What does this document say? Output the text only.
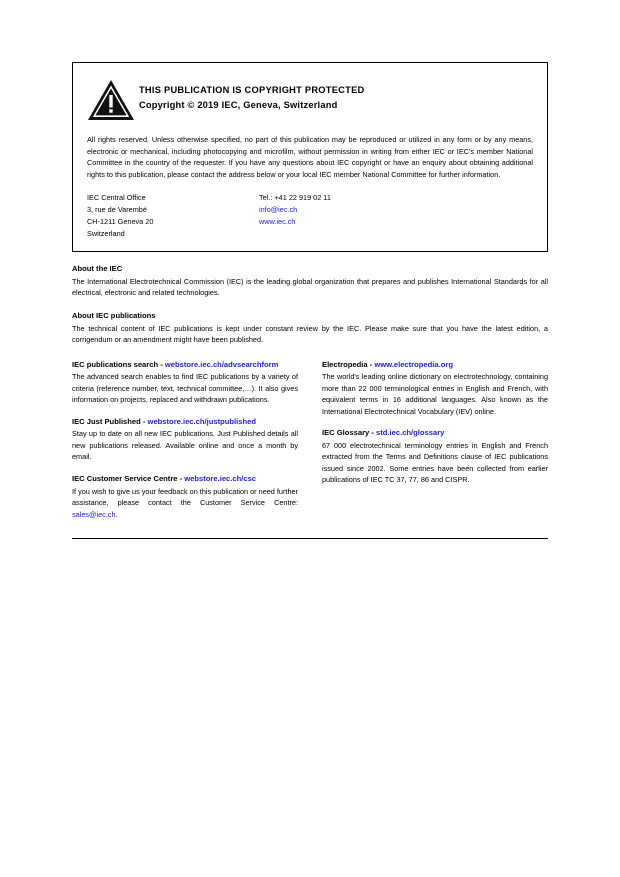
THIS PUBLICATION IS COPYRIGHT PROTECTED
Copyright © 2019 IEC, Geneva, Switzerland
All rights reserved. Unless otherwise specified, no part of this publication may be reproduced or utilized in any form or by any means, electronic or mechanical, including photocopying and microfilm, without permission in writing from either IEC or IEC's member National Committee in the country of the requester. If you have any questions about IEC copyright or have an enquiry about obtaining additional rights to this publication, please contact the address below or your local IEC member National Committee for further information.
IEC Central Office
3, rue de Varembé
CH-1211 Geneva 20
Switzerland
Tel.: +41 22 919 02 11
info@iec.ch
www.iec.ch
About the IEC

The International Electrotechnical Commission (IEC) is the leading global organization that prepares and publishes International Standards for all electrical, electronic and related technologies.

About IEC publications

The technical content of IEC publications is kept under constant review by the IEC. Please make sure that you have the latest edition, a corrigendum or an amendment might have been published.

IEC publications search - webstore.iec.ch/advsearchform

The advanced search enables to find IEC publications by a variety of criteria (reference number, text, technical committee,…). It also gives information on projects, replaced and withdrawn publications.

IEC Just Published - webstore.iec.ch/justpublished

Stay up to date on all new IEC publications. Just Published details all new publications released. Available online and once a month by email.

IEC Customer Service Centre - webstore.iec.ch/csc

If you wish to give us your feedback on this publication or need further assistance, please contact the Customer Service Centre: sales@iec.ch.

Electropedia - www.electropedia.org

The world's leading online dictionary on electrotechnology, containing more than 22 000 terminological entries in English and French, with equivalent terms in 16 additional languages. Also known as the International Electrotechnical Vocabulary (IEV) online.

IEC Glossary - std.iec.ch/glossary

67 000 electrotechnical terminology entries in English and French extracted from the Terms and Definitions clause of IEC publications issued since 2002. Some entries have been collected from earlier publications of IEC TC 37, 77, 86 and CISPR.
